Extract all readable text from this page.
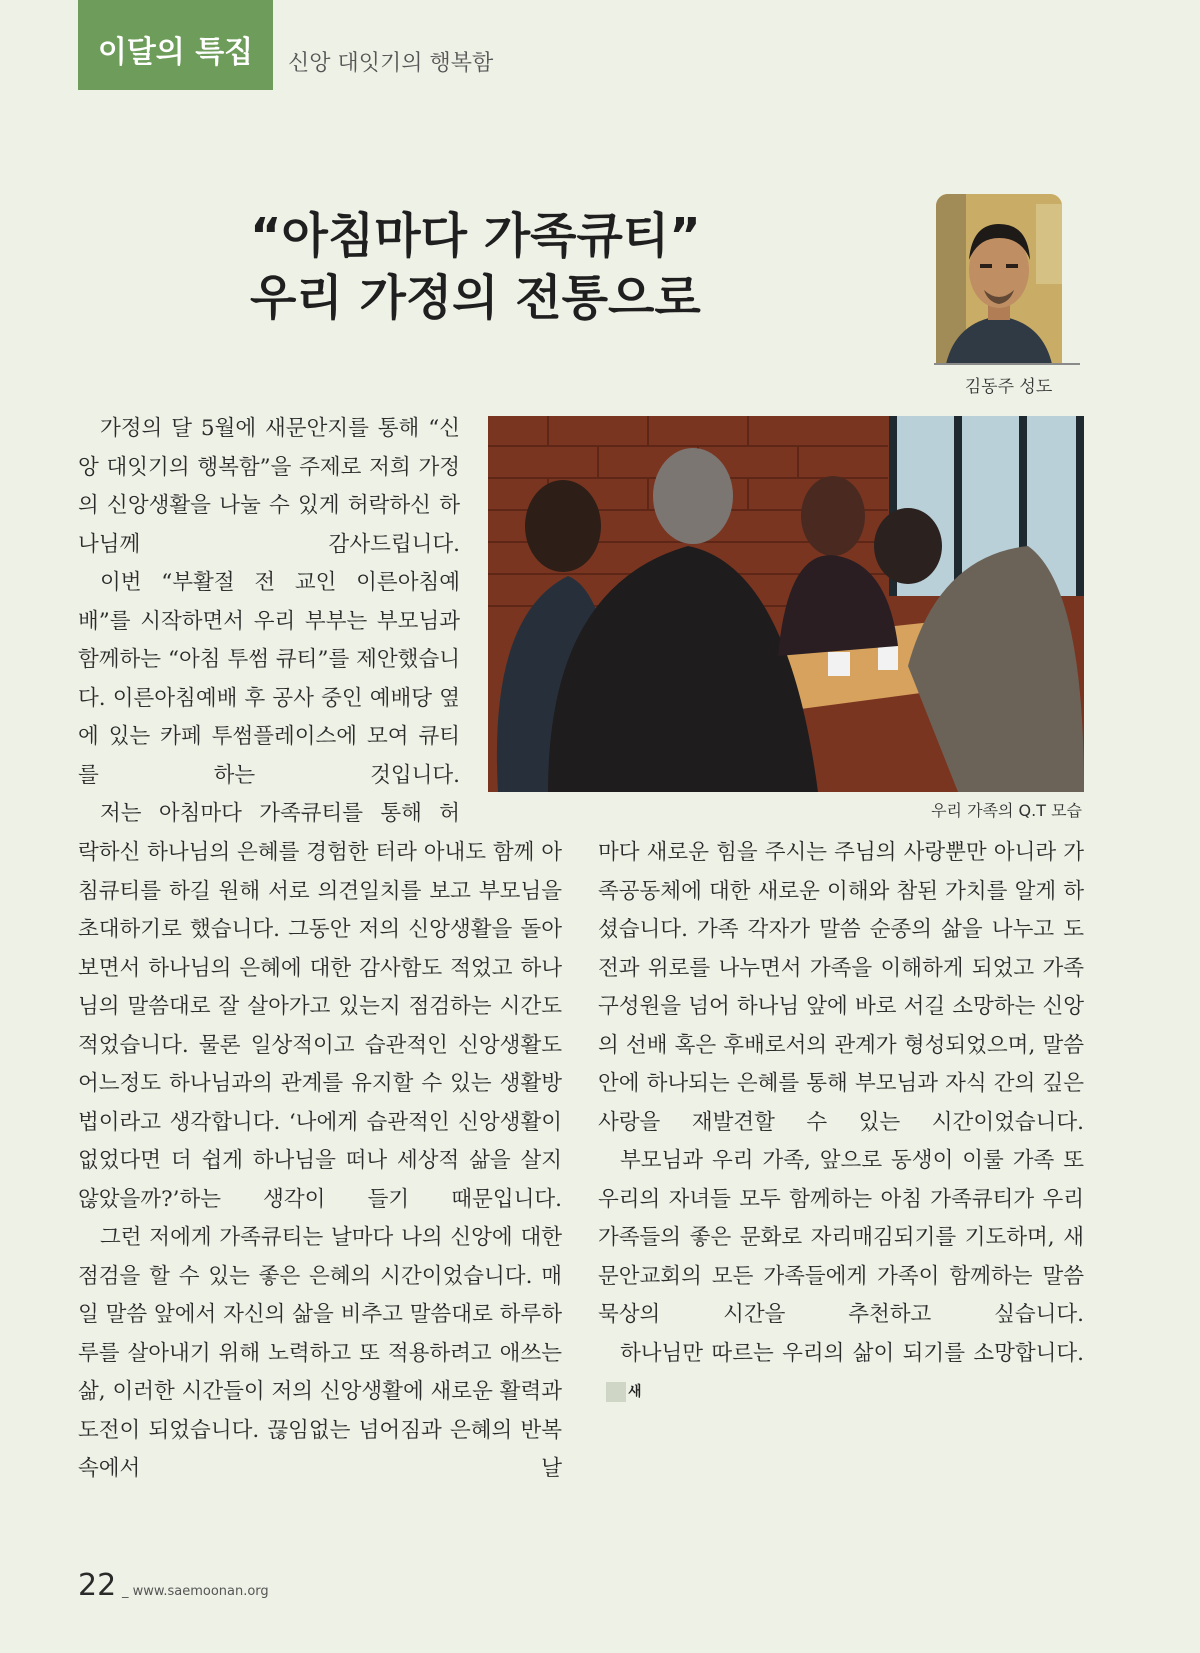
이달의 특집	신앙 대잇기의 행복함
“아침마다 가족큐티”
우리 가정의 전통으로
김동주 성도
우리 가족의 Q.T 모습

가정의 달 5월에 새문안지를 통해 “신앙 대잇기의 행복함”을 주제로 저희 가정의 신앙생활을 나눌 수 있게 허락하신 하나님께 감사드립니다.

이번 “부활절 전 교인 이른아침예배”를 시작하면서 우리 부부는 부모님과 함께하는 “아침 투썸 큐티”를 제안했습니다. 이른아침예배 후 공사 중인 예배당 옆에 있는 카페 투썸플레이스에 모여 큐티를 하는 것입니다.

저는 아침마다 가족큐티를 통해 허

락하신 하나님의 은혜를 경험한 터라 아내도 함께 아침큐티를 하길 원해 서로 의견일치를 보고 부모님을 초대하기로 했습니다. 그동안 저의 신앙생활을 돌아보면서 하나님의 은혜에 대한 감사함도 적었고 하나님의 말씀대로 잘 살아가고 있는지 점검하는 시간도 적었습니다. 물론 일상적이고 습관적인 신앙생활도 어느정도 하나님과의 관계를 유지할 수 있는 생활방법이라고 생각합니다. ‘나에게 습관적인 신앙생활이 없었다면 더 쉽게 하나님을 떠나 세상적 삶을 살지 않았을까?’하는 생각이 들기 때문입니다.

그런 저에게 가족큐티는 날마다 나의 신앙에 대한 점검을 할 수 있는 좋은 은혜의 시간이었습니다. 매일 말씀 앞에서 자신의 삶을 비추고 말씀대로 하루하루를 살아내기 위해 노력하고 또 적용하려고 애쓰는 삶, 이러한 시간들이 저의 신앙생활에 새로운 활력과 도전이 되었습니다. 끊임없는 넘어짐과 은혜의 반복 속에서 날

마다 새로운 힘을 주시는 주님의 사랑뿐만 아니라 가족공동체에 대한 새로운 이해와 참된 가치를 알게 하셨습니다. 가족 각자가 말씀 순종의 삶을 나누고 도전과 위로를 나누면서 가족을 이해하게 되었고 가족 구성원을 넘어 하나님 앞에 바로 서길 소망하는 신앙의 선배 혹은 후배로서의 관계가 형성되었으며, 말씀 안에 하나되는 은혜를 통해 부모님과 자식 간의 깊은 사랑을 재발견할 수 있는 시간이었습니다.

부모님과 우리 가족, 앞으로 동생이 이룰 가족 또 우리의 자녀들 모두 함께하는 아침 가족큐티가 우리 가족들의 좋은 문화로 자리매김되기를 기도하며, 새문안교회의 모든 가족들에게 가족이 함께하는 말씀 묵상의 시간을 추천하고 싶습니다.

하나님만 따르는 우리의 삶이 되기를 소망합니다.새

22 _ www.saemoonan.org
